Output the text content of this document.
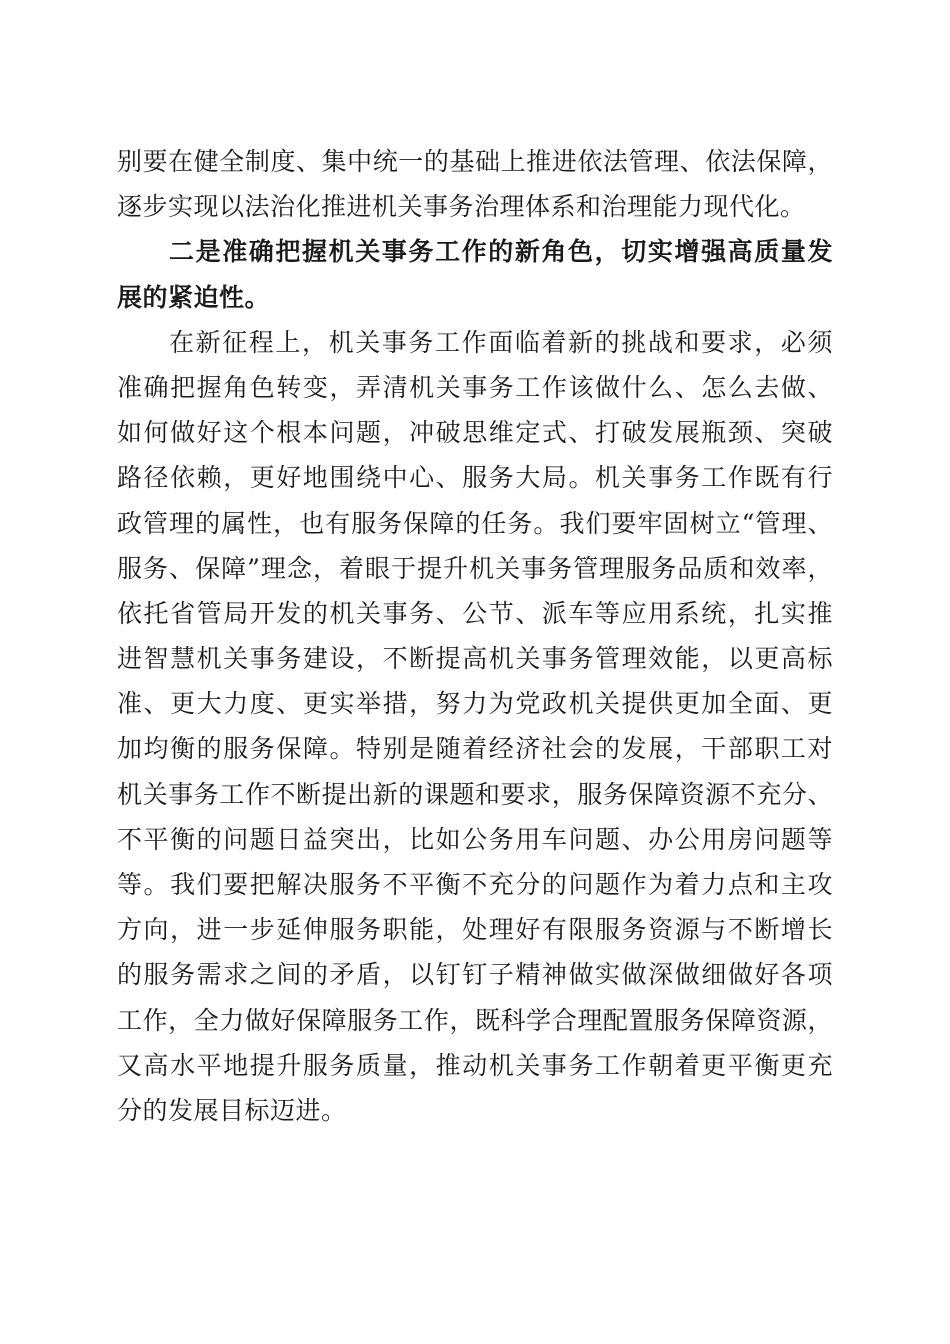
别要在健全制度、集中统一的基础上推进依法管理、依法保障，
逐步实现以法治化推进机关事务治理体系和治理能力现代化。
二是准确把握机关事务工作的新角色，切实增强高质量发
展的紧迫性。
在新征程上，机关事务工作面临着新的挑战和要求，必须
准确把握角色转变，弄清机关事务工作该做什么、怎么去做、
如何做好这个根本问题，冲破思维定式、打破发展瓶颈、突破
路径依赖，更好地围绕中心、服务大局。机关事务工作既有行
政管理的属性，也有服务保障的任务。我们要牢固树立“管理、
服务、保障”理念，着眼于提升机关事务管理服务品质和效率，
依托省管局开发的机关事务、公节、派车等应用系统，扎实推
进智慧机关事务建设，不断提高机关事务管理效能，以更高标
准、更大力度、更实举措，努力为党政机关提供更加全面、更
加均衡的服务保障。特别是随着经济社会的发展，干部职工对
机关事务工作不断提出新的课题和要求，服务保障资源不充分、
不平衡的问题日益突出，比如公务用车问题、办公用房问题等
等。我们要把解决服务不平衡不充分的问题作为着力点和主攻
方向，进一步延伸服务职能，处理好有限服务资源与不断增长
的服务需求之间的矛盾，以钉钉子精神做实做深做细做好各项
工作，全力做好保障服务工作，既科学合理配置服务保障资源，
又高水平地提升服务质量，推动机关事务工作朝着更平衡更充
分的发展目标迈进。
